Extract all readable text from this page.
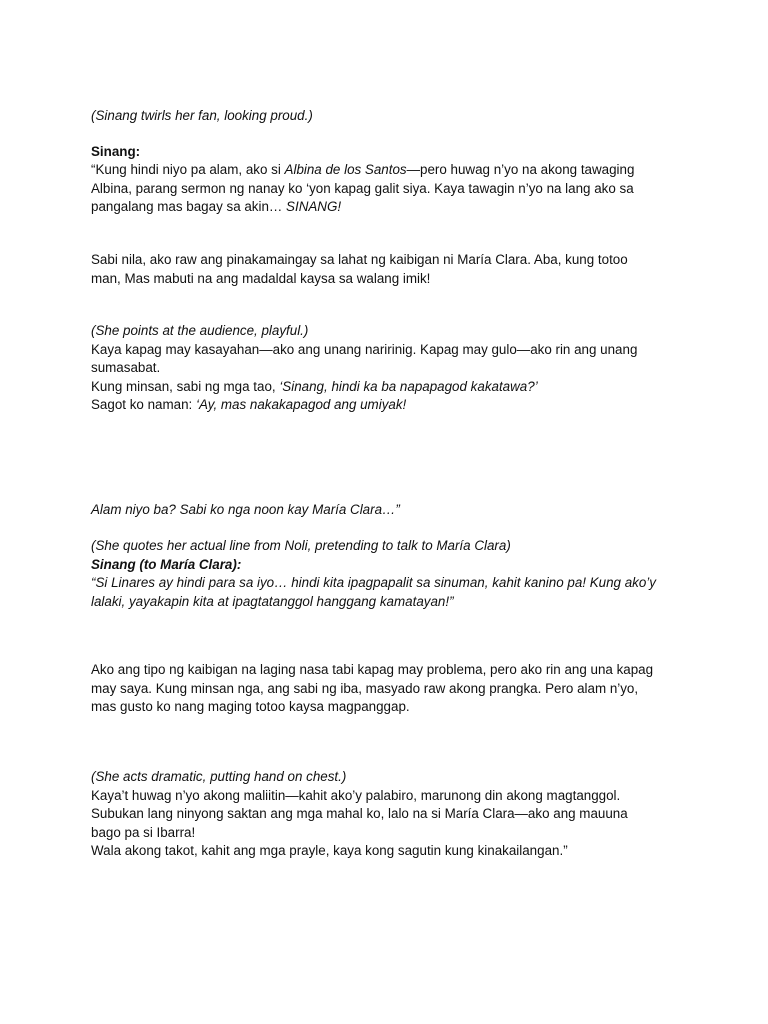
(Sinang twirls her fan, looking proud.)

Sinang:

“Kung hindi niyo pa alam, ako si Albina de los Santos—pero huwag n’yo na akong tawaging
Albina, parang sermon ng nanay ko ‘yon kapag galit siya. Kaya tawagin n’yo na lang ako sa
pangalang mas bagay sa akin… SINANG!

Sabi nila, ako raw ang pinakamaingay sa lahat ng kaibigan ni María Clara. Aba, kung totoo
man, Mas mabuti na ang madaldal kaysa sa walang imik!

(She points at the audience, playful.)
Kaya kapag may kasayahan—ako ang unang naririnig. Kapag may gulo—ako rin ang unang
sumasabat.
Kung minsan, sabi ng mga tao, ‘Sinang, hindi ka ba napapagod kakatawa?’
Sagot ko naman: ‘Ay, mas nakakapagod ang umiyak!

Alam niyo ba? Sabi ko nga noon kay María Clara…”

(She quotes her actual line from Noli, pretending to talk to María Clara)
Sinang (to María Clara):
“Si Linares ay hindi para sa iyo… hindi kita ipagpapalit sa sinuman, kahit kanino pa! Kung ako’y
lalaki, yayakapin kita at ipagtatanggol hanggang kamatayan!”

Ako ang tipo ng kaibigan na laging nasa tabi kapag may problema, pero ako rin ang una kapag
may saya. Kung minsan nga, ang sabi ng iba, masyado raw akong prangka. Pero alam n’yo,
mas gusto ko nang maging totoo kaysa magpanggap.

(She acts dramatic, putting hand on chest.)
Kaya’t huwag n’yo akong maliitin—kahit ako’y palabiro, marunong din akong magtanggol.
Subukan lang ninyong saktan ang mga mahal ko, lalo na si María Clara—ako ang mauuna
bago pa si Ibarra!
Wala akong takot, kahit ang mga prayle, kaya kong sagutin kung kinakailangan.”
